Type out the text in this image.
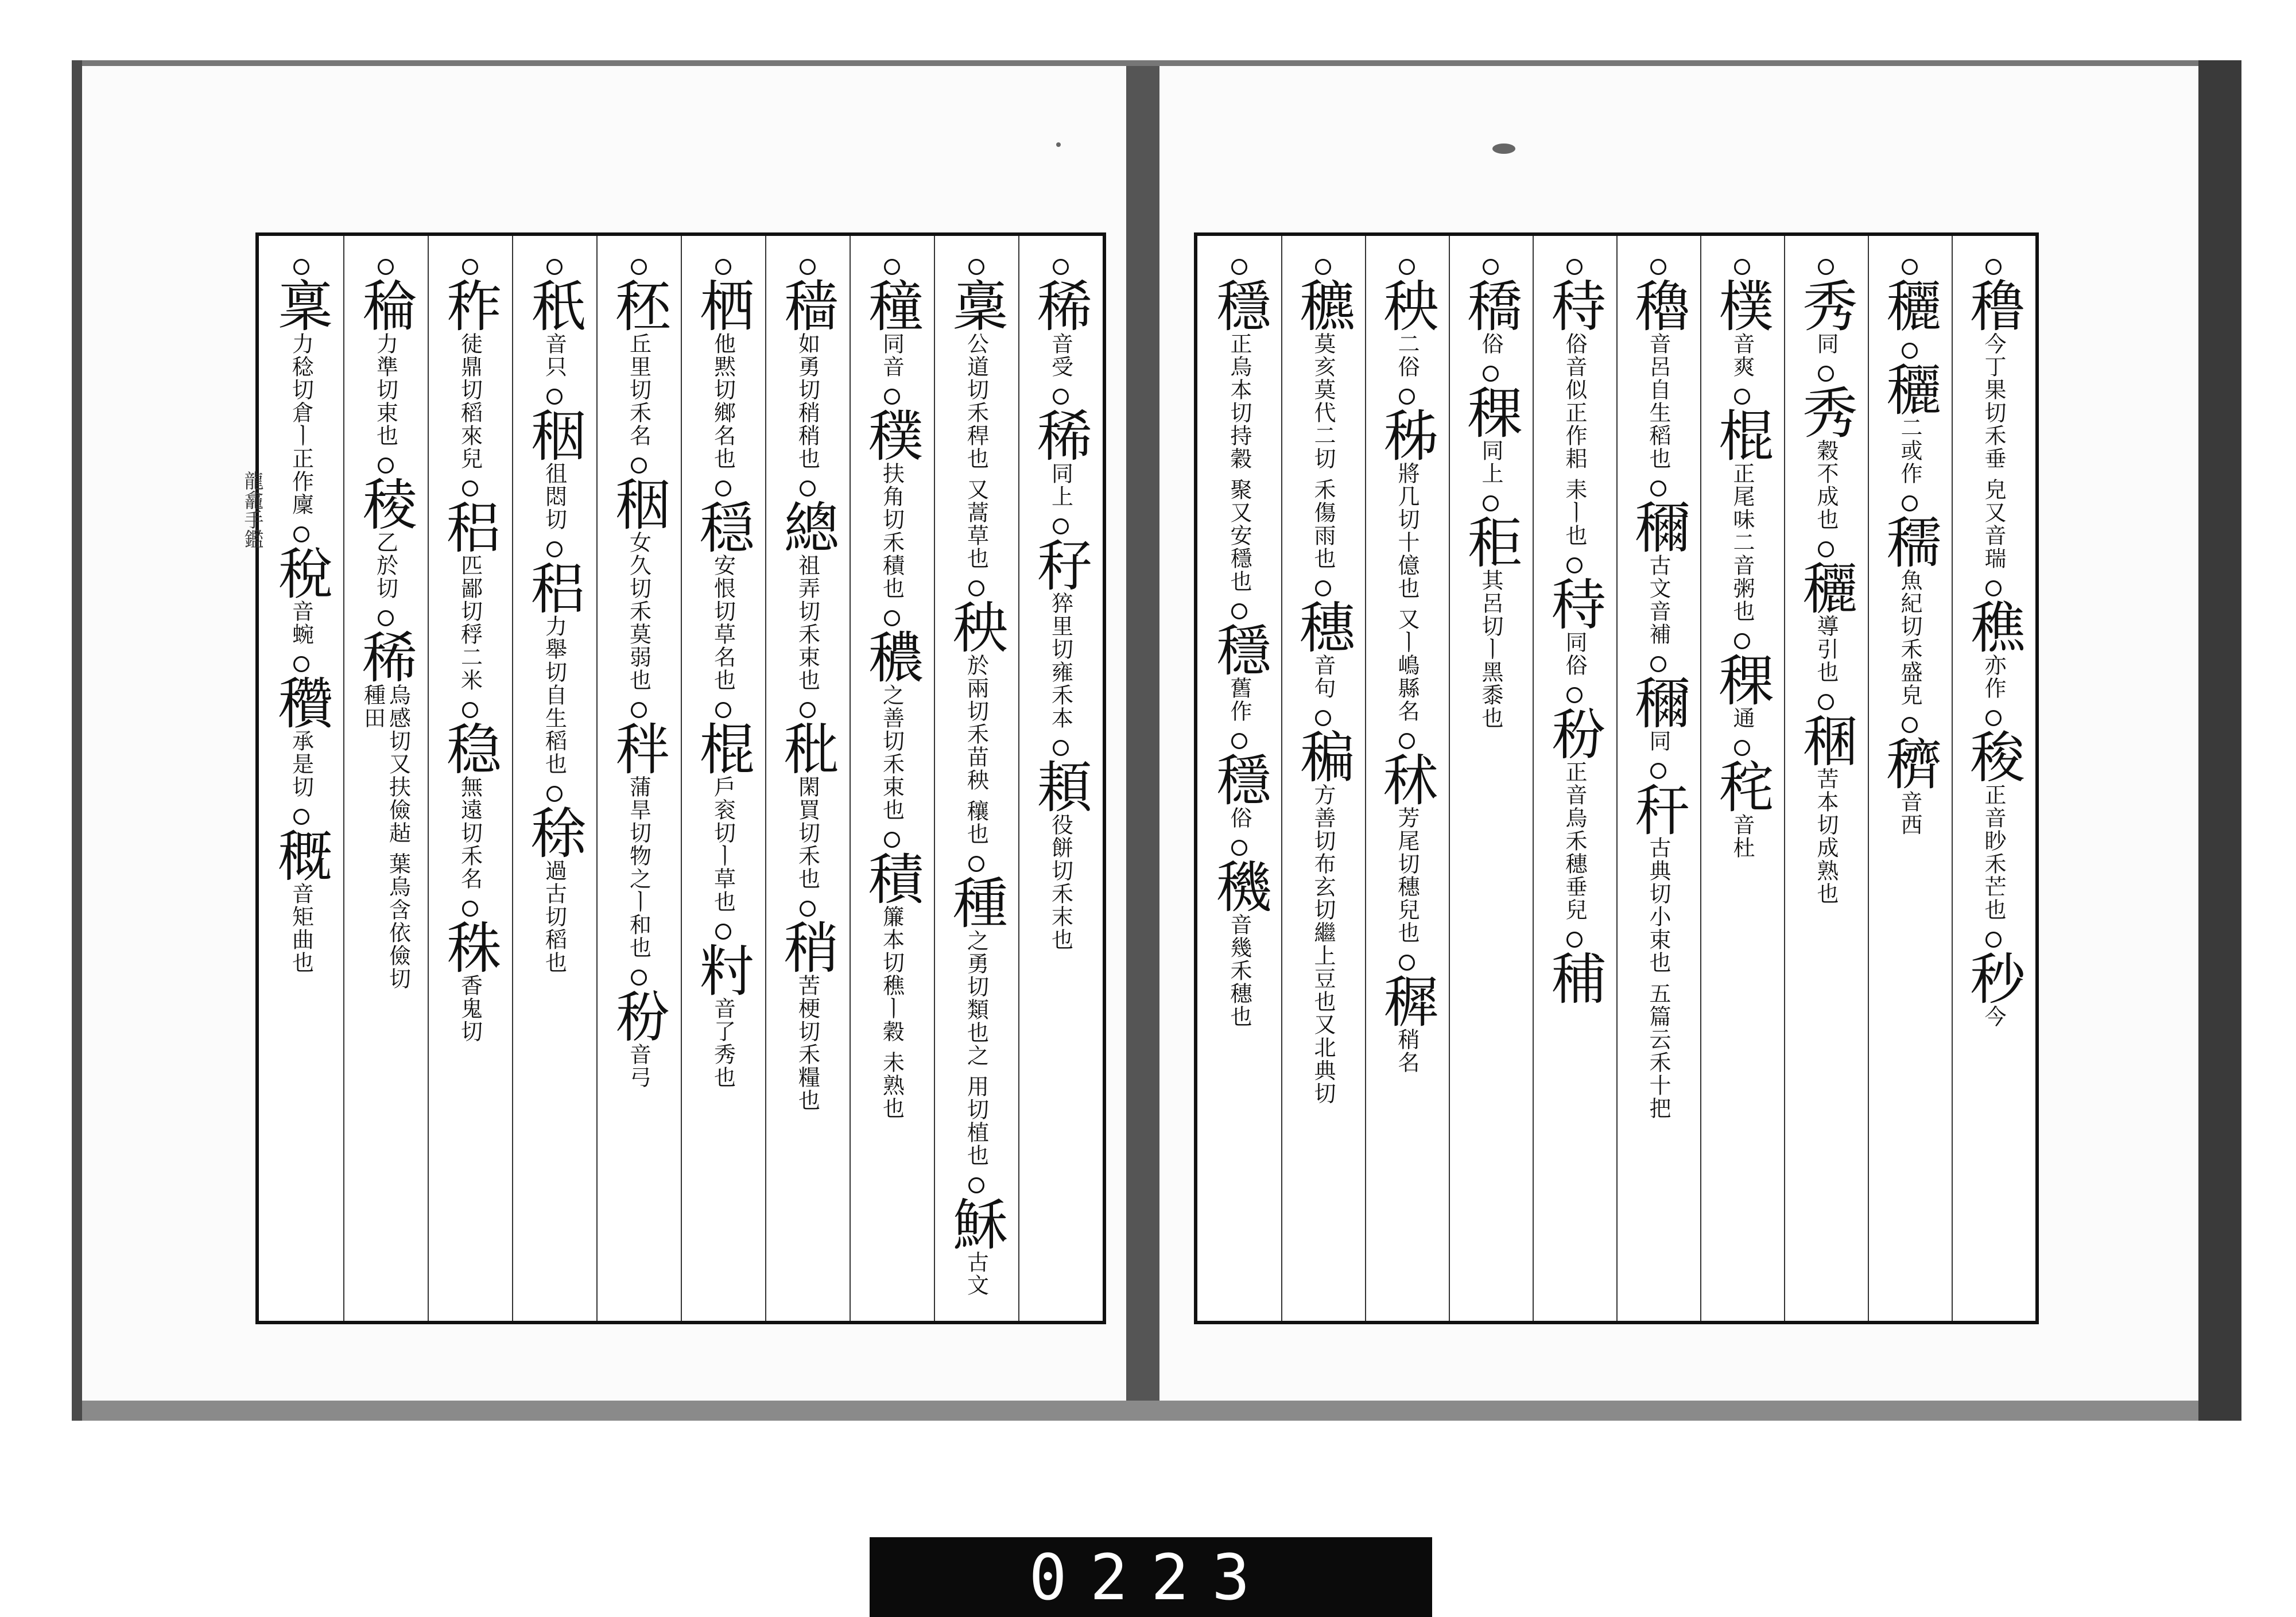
稀
音受
稀
同上
秄
猝里切雍禾本
頛
役餅切禾末也
稾
公道切禾稈也 又蒿草也
秧
於兩切禾苗秧 穰也
種
之勇切類也之 用切植也
穌
古文
穜
同音
穙
扶角切禾積也
穠
之善切禾束也
積
簾本切穛ㅣ穀 未熟也
穑
如勇切稍稍也
總
祖弄切禾束也
秕
閑買切禾也
稍
苦梗切禾糧也
栖
他黙切鄉名也
穏
安恨切草名也
棍
戶衮切ㅣ草也
籿
音了秀也
秠
丘里切禾名
秵
女久切禾莫弱也
秚
蒲旱切物之ㅣ和也
秎
音弓
秖
音只
秵
徂悶切
稆
力舉切自生稻也
稌
過古切稻也
秨
徒鼎切稻來兒
稆
匹鄙切稃二米
稳
無遠切禾名
秼
香鬼切
稐
力準切束也
稜
乙於切
稀
烏感切又扶儉趈 葉烏含依儉切種田
稟
力稔切倉ㅣ正作廩
稅
音蜿
穳
承是切
穊
音矩曲也
穞
今丁果切禾垂 皃又音瑞
穛
亦作
稄
正音眇禾芒也
秒
今
穲
穲
二或作
穤
魚紀切禾盛皃
穧
音西
秀
同
秀
穀不成也
穲
導引也
稛
苦本切成熟也
樸
音爽
棍
正尾味二音粥也
稞
通
秺
音杜
穭
音呂自生稻也
穪
古文音補
穪
同
秆
古典切小束也 五篇云禾十把
秲
俗音似正作耜 耒ㅣ也
秲
同俗
秎
正音烏禾穗垂兒
秿
穚
俗
稞
同上
秬
其呂切ㅣ黑黍也
秧
二俗
秭
將几切十億也 又ㅣ嶋縣名
秫
芳尾切穗兒也
穉
稍名
穮
莫亥莫代二切 禾傷雨也
穗
音句
稨
方善切布玄切繼上豆也又北典切
穩
正烏本切持穀 聚又安穩也
穩
舊作
穩
俗
穖
音幾禾穗也
龍龕手鑑
0223
